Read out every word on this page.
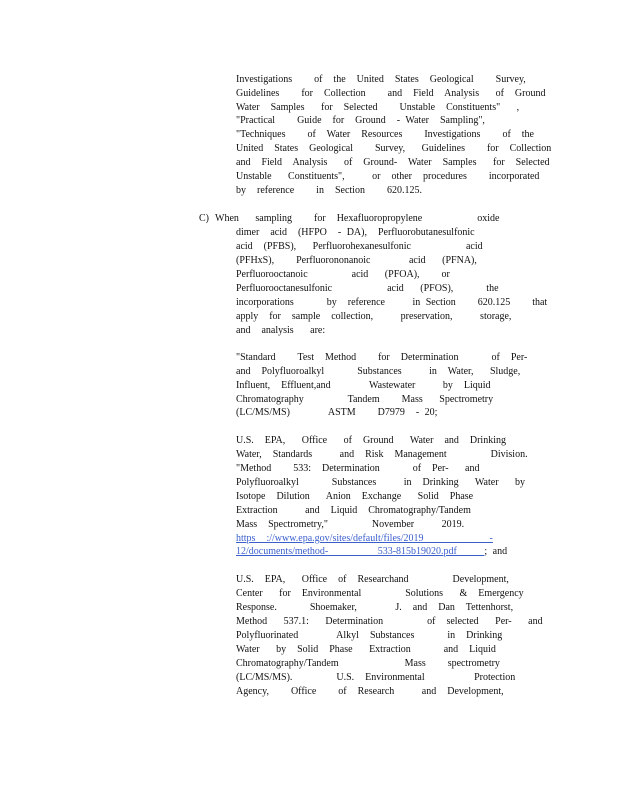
Investigations    of  the  United  States  Geological    Survey,
Guidelines    for  Collection    and  Field  Analysis   of  Ground
Water  Samples   for  Selected    Unstable  Constituents"   ,
"Practical    Guide  for  Ground  - Water  Sampling",
"Techniques    of  Water  Resources    Investigations    of  the
United  States  Geological    Survey,   Guidelines    for  Collection
and  Field  Analysis   of  Ground-  Water  Samples   for  Selected
Unstable   Constituents",     or  other  procedures    incorporated
by  reference    in  Section    620.125.
C) When   sampling    for  Hexafluoropropylene          oxide
dimer  acid  (HFPO  - DA),  Perfluorobutanesulfonic
acid  (PFBS),   Perfluorohexanesulfonic          acid
(PFHxS),    Perfluorononanoic       acid   (PFNA),
Perfluorooctanoic        acid   (PFOA),    or
Perfluorooctanesulfonic          acid   (PFOS),      the
incorporations      by  reference     in Section    620.125    that
apply  for  sample  collection,     preservation,     storage,
and  analysis   are:
"Standard    Test  Method    for  Determination      of  Per-
and  Polyfluoroalkyl      Substances     in  Water,   Sludge,
Influent,  Effluent,and       Wastewater     by  Liquid
Chromatography        Tandem    Mass   Spectrometry
(LC/MS/MS)       ASTM    D7979  - 20;
U.S.  EPA,   Office   of  Ground   Water  and  Drinking
Water,  Standards     and  Risk  Management        Division.
"Method    533:  Determination      of  Per-   and
Polyfluoroalkyl      Substances     in  Drinking   Water   by
Isotope  Dilution   Anion  Exchange   Solid  Phase
Extraction     and  Liquid  Chromatography/Tandem
Mass  Spectrometry,"        November     2019.
https  ://www.epa.gov/sites/default/files/2019            -
12/documents/method-         533-815b19020.pdf     ; and
U.S.  EPA,   Office  of  Researchand        Development,
Center   for  Environmental        Solutions   &  Emergency
Response.      Shoemaker,       J.  and  Dan  Tettenhorst,
Method   537.1:   Determination        of  selected   Per-   and
Polyfluorinated       Alkyl  Substances      in  Drinking
Water   by  Solid  Phase   Extraction      and  Liquid
Chromatography/Tandem            Mass    spectrometry
(LC/MS/MS).        U.S.  Environmental         Protection
Agency,    Office    of  Research     and  Development,
